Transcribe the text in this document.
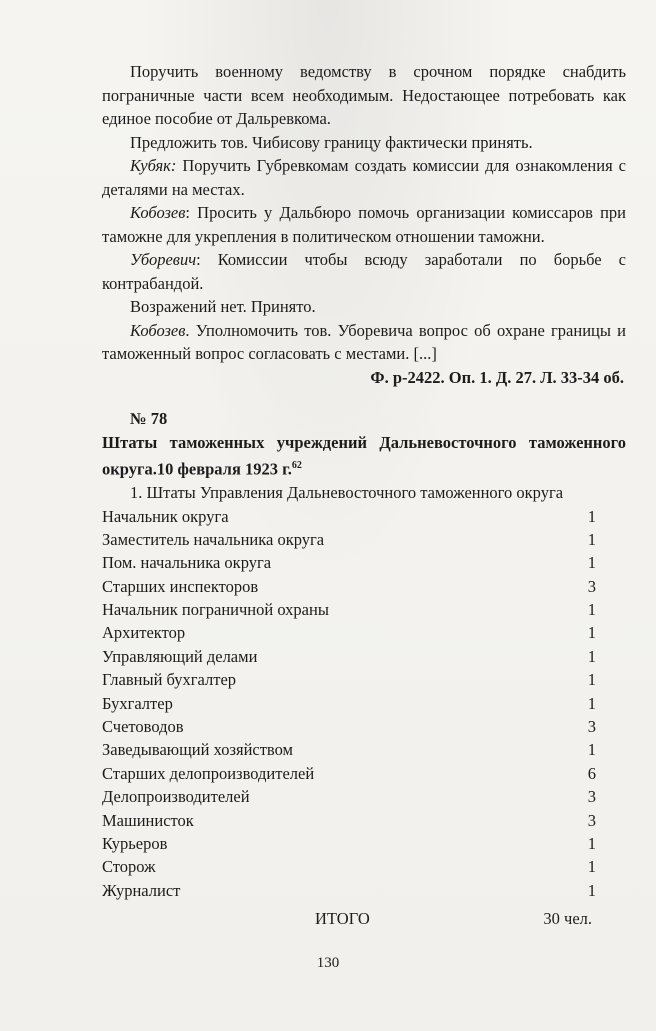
Поручить военному ведомству в срочном порядке снабдить пограничные части всем необходимым. Недостающее потребовать как единое пособие от Дальревкома.

Предложить тов. Чибисову границу фактически принять.

Кубяк: Поручить Губревкомам создать комиссии для ознакомления с деталями на местах.

Кобозев: Просить у Дальбюро помочь организации комиссаров при таможне для укрепления в политическом отношении таможни.

Уборевич: Комиссии чтобы всюду заработали по борьбе с контрабандой.

Возражений нет. Принято.

Кобозев. Уполномочить тов. Уборевича вопрос об охране границы и таможенный вопрос согласовать с местами. [...]

Ф. р-2422. Оп. 1. Д. 27. Л. 33-34 об.

№ 78

Штаты таможенных учреждений Дальневосточного таможенного округа.10 февраля 1923 г.$^{62}$

1. Штаты Управления Дальневосточного таможенного округа

Начальник округа	1
Заместитель начальника округа	1
Пом. начальника округа	1
Старших инспекторов	3
Начальник пограничной охраны	1
Архитектор	1
Управляющий делами	1
Главный бухгалтер	1
Бухгалтер	1
Счетоводов	3
Заведывающий хозяйством	1
Старших делопроизводителей	6
Делопроизводителей	3
Машинисток	3
Курьеров	1
Сторож	1
Журналист	1
ИТОГО	30 чел.
130
